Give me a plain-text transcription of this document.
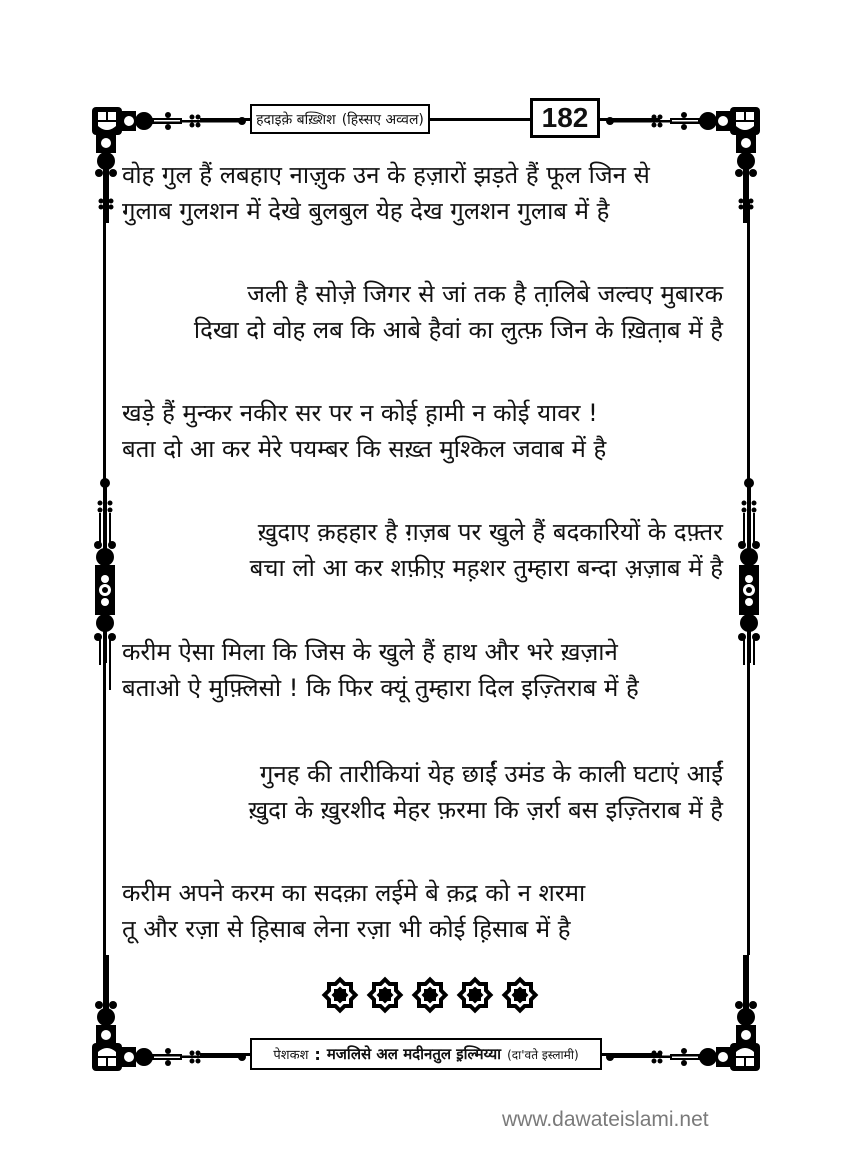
हदाइक़े बख़्शिश (हिस्सए अव्वल)	182
वोह गुल हैं लबहाए नाज़ुक उन के हज़ारों झड़ते हैं फूल जिन से
गुलाब गुलशन में देखे बुलबुल येह देख गुलशन गुलाब में है
जली है सोज़े जिगर से जां तक है ता़लिबे जल्वए मुबारक
दिखा दो वोह लब कि आबे हैवां का लुत्फ़ जिन के ख़िता़ब में है
खड़े हैं मुन्कर नकीर सर पर न कोई ह़ामी न कोई यावर !
बता दो आ कर मेरे पयम्बर कि सख़्त मुश्किल जवाब में है
ख़ुदाए क़हहार है ग़ज़ब पर खुले हैं बदकारियों के दफ़्तर
बचा लो आ कर शफ़ीए़ मह़शर तुम्हारा बन्दा अ़ज़ाब में है
करीम ऐसा मिला कि जिस के खुले हैं हाथ और भरे ख़ज़ाने
बताओ ऐ मुफ़्लिसो ! कि फिर क्यूं तुम्हारा दिल इज़्तिराब में है
गुनह की तारीकियां येह छाईं उमंड के काली घटाएं आईं
ख़ुदा के ख़ुरशीद मेहर फ़रमा कि ज़र्रा बस इज़्तिराब में है
करीम अपने करम का सदक़ा लईमे बे क़द्र को न शरमा
तू और रज़ा से ह़िसाब लेना रज़ा भी कोई ह़िसाब में है
पेशकश : मजलिसे अल मदीनतुल इ़ल्मिय्या (दा'वते इस्लामी)
www.dawateislami.net
